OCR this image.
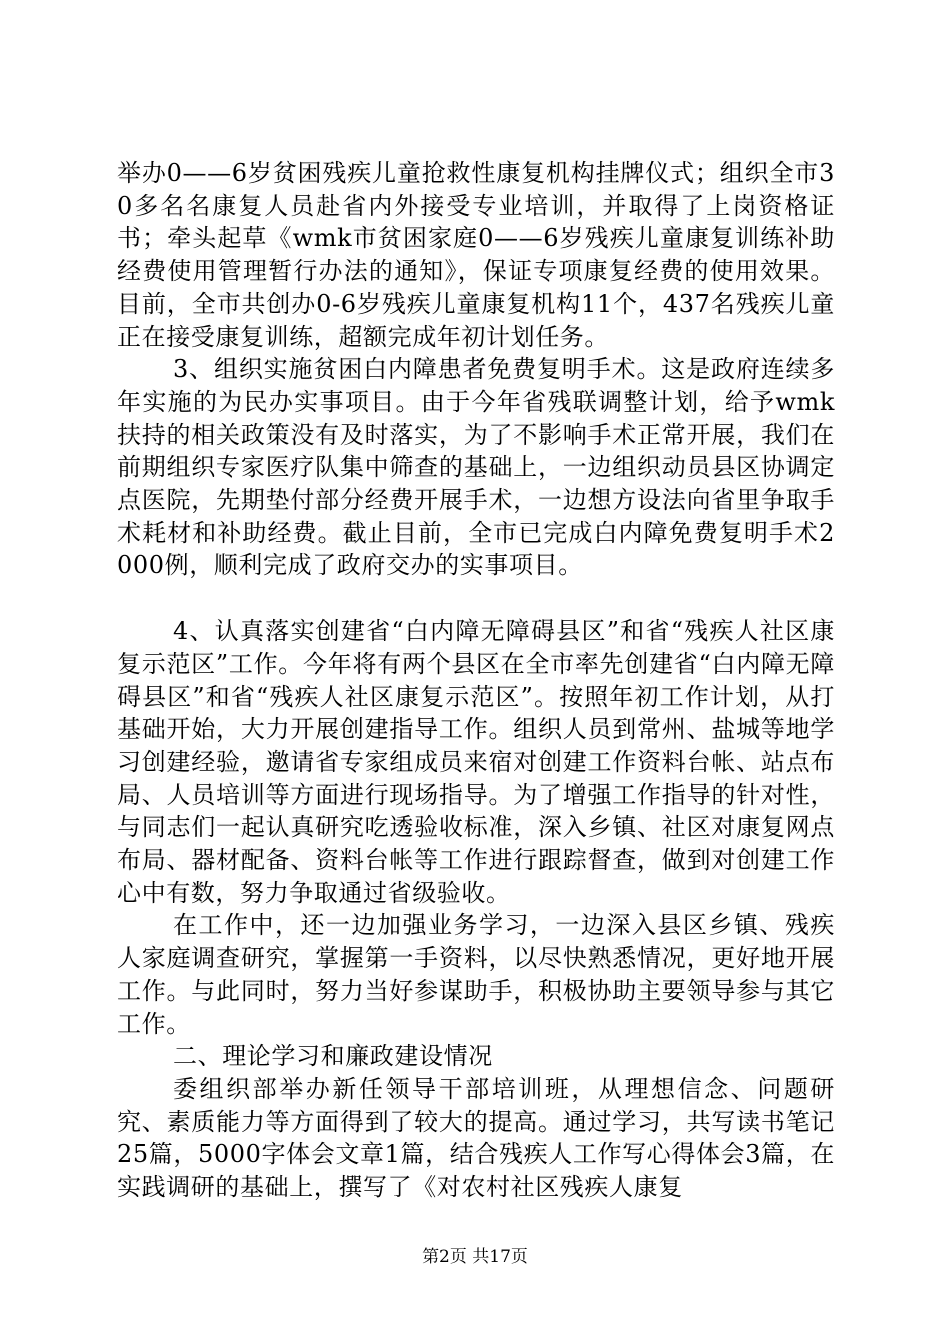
举办0——6岁贫困残疾儿童抢救性康复机构挂牌仪式；组织全市30多名名康复人员赴省内外接受专业培训，并取得了上岗资格证书；牵头起草《wmk市贫困家庭0——6岁残疾儿童康复训练补助经费使用管理暂行办法的通知》，保证专项康复经费的使用效果。目前，全市共创办0-6岁残疾儿童康复机构11个，437名残疾儿童正在接受康复训练，超额完成年初计划任务。

3、组织实施贫困白内障患者免费复明手术。这是政府连续多年实施的为民办实事项目。由于今年省残联调整计划，给予wmk扶持的相关政策没有及时落实，为了不影响手术正常开展，我们在前期组织专家医疗队集中筛查的基础上，一边组织动员县区协调定点医院，先期垫付部分经费开展手术，一边想方设法向省里争取手术耗材和补助经费。截止目前，全市已完成白内障免费复明手术2000例，顺利完成了政府交办的实事项目。

4、认真落实创建省“白内障无障碍县区”和省“残疾人社区康复示范区”工作。今年将有两个县区在全市率先创建省“白内障无障碍县区”和省“残疾人社区康复示范区”。按照年初工作计划，从打基础开始，大力开展创建指导工作。组织人员到常州、盐城等地学习创建经验，邀请省专家组成员来宿对创建工作资料台帐、站点布局、人员培训等方面进行现场指导。为了增强工作指导的针对性，与同志们一起认真研究吃透验收标准，深入乡镇、社区对康复网点布局、器材配备、资料台帐等工作进行跟踪督查，做到对创建工作心中有数，努力争取通过省级验收。

在工作中，还一边加强业务学习，一边深入县区乡镇、残疾人家庭调查研究，掌握第一手资料，以尽快熟悉情况，更好地开展工作。与此同时，努力当好参谋助手，积极协助主要领导参与其它工作。

二、理论学习和廉政建设情况

委组织部举办新任领导干部培训班，从理想信念、问题研究、素质能力等方面得到了较大的提高。通过学习，共写读书笔记25篇，5000字体会文章1篇，结合残疾人工作写心得体会3篇，在实践调研的基础上，撰写了《对农村社区残疾人康复

第2页 共17页
